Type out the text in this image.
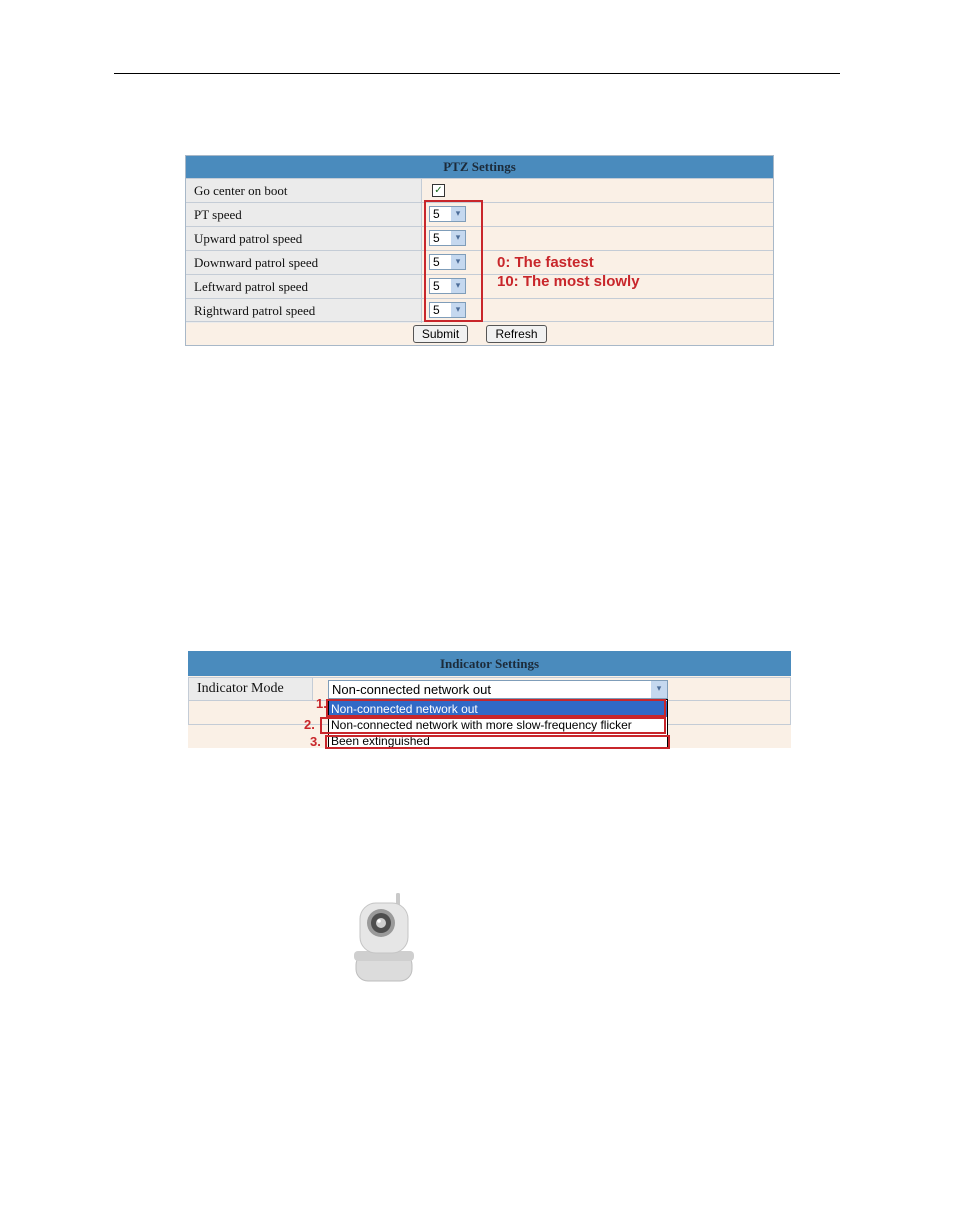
PTZ Settings
Go center on boot	✓
PT speed	5	▾
Upward patrol speed	5	▾
Downward patrol speed	5	▾
Leftward patrol speed	5	▾
Rightward patrol speed	5	▾
Submit	Refresh
0: The fastest
10: The most slowly
Indicator Settings
Indicator Mode	Non-connected network out	▾
Non-connected network out
Non-connected network with more slow-frequency flicker
Been extinguished
1.
2.
3.
